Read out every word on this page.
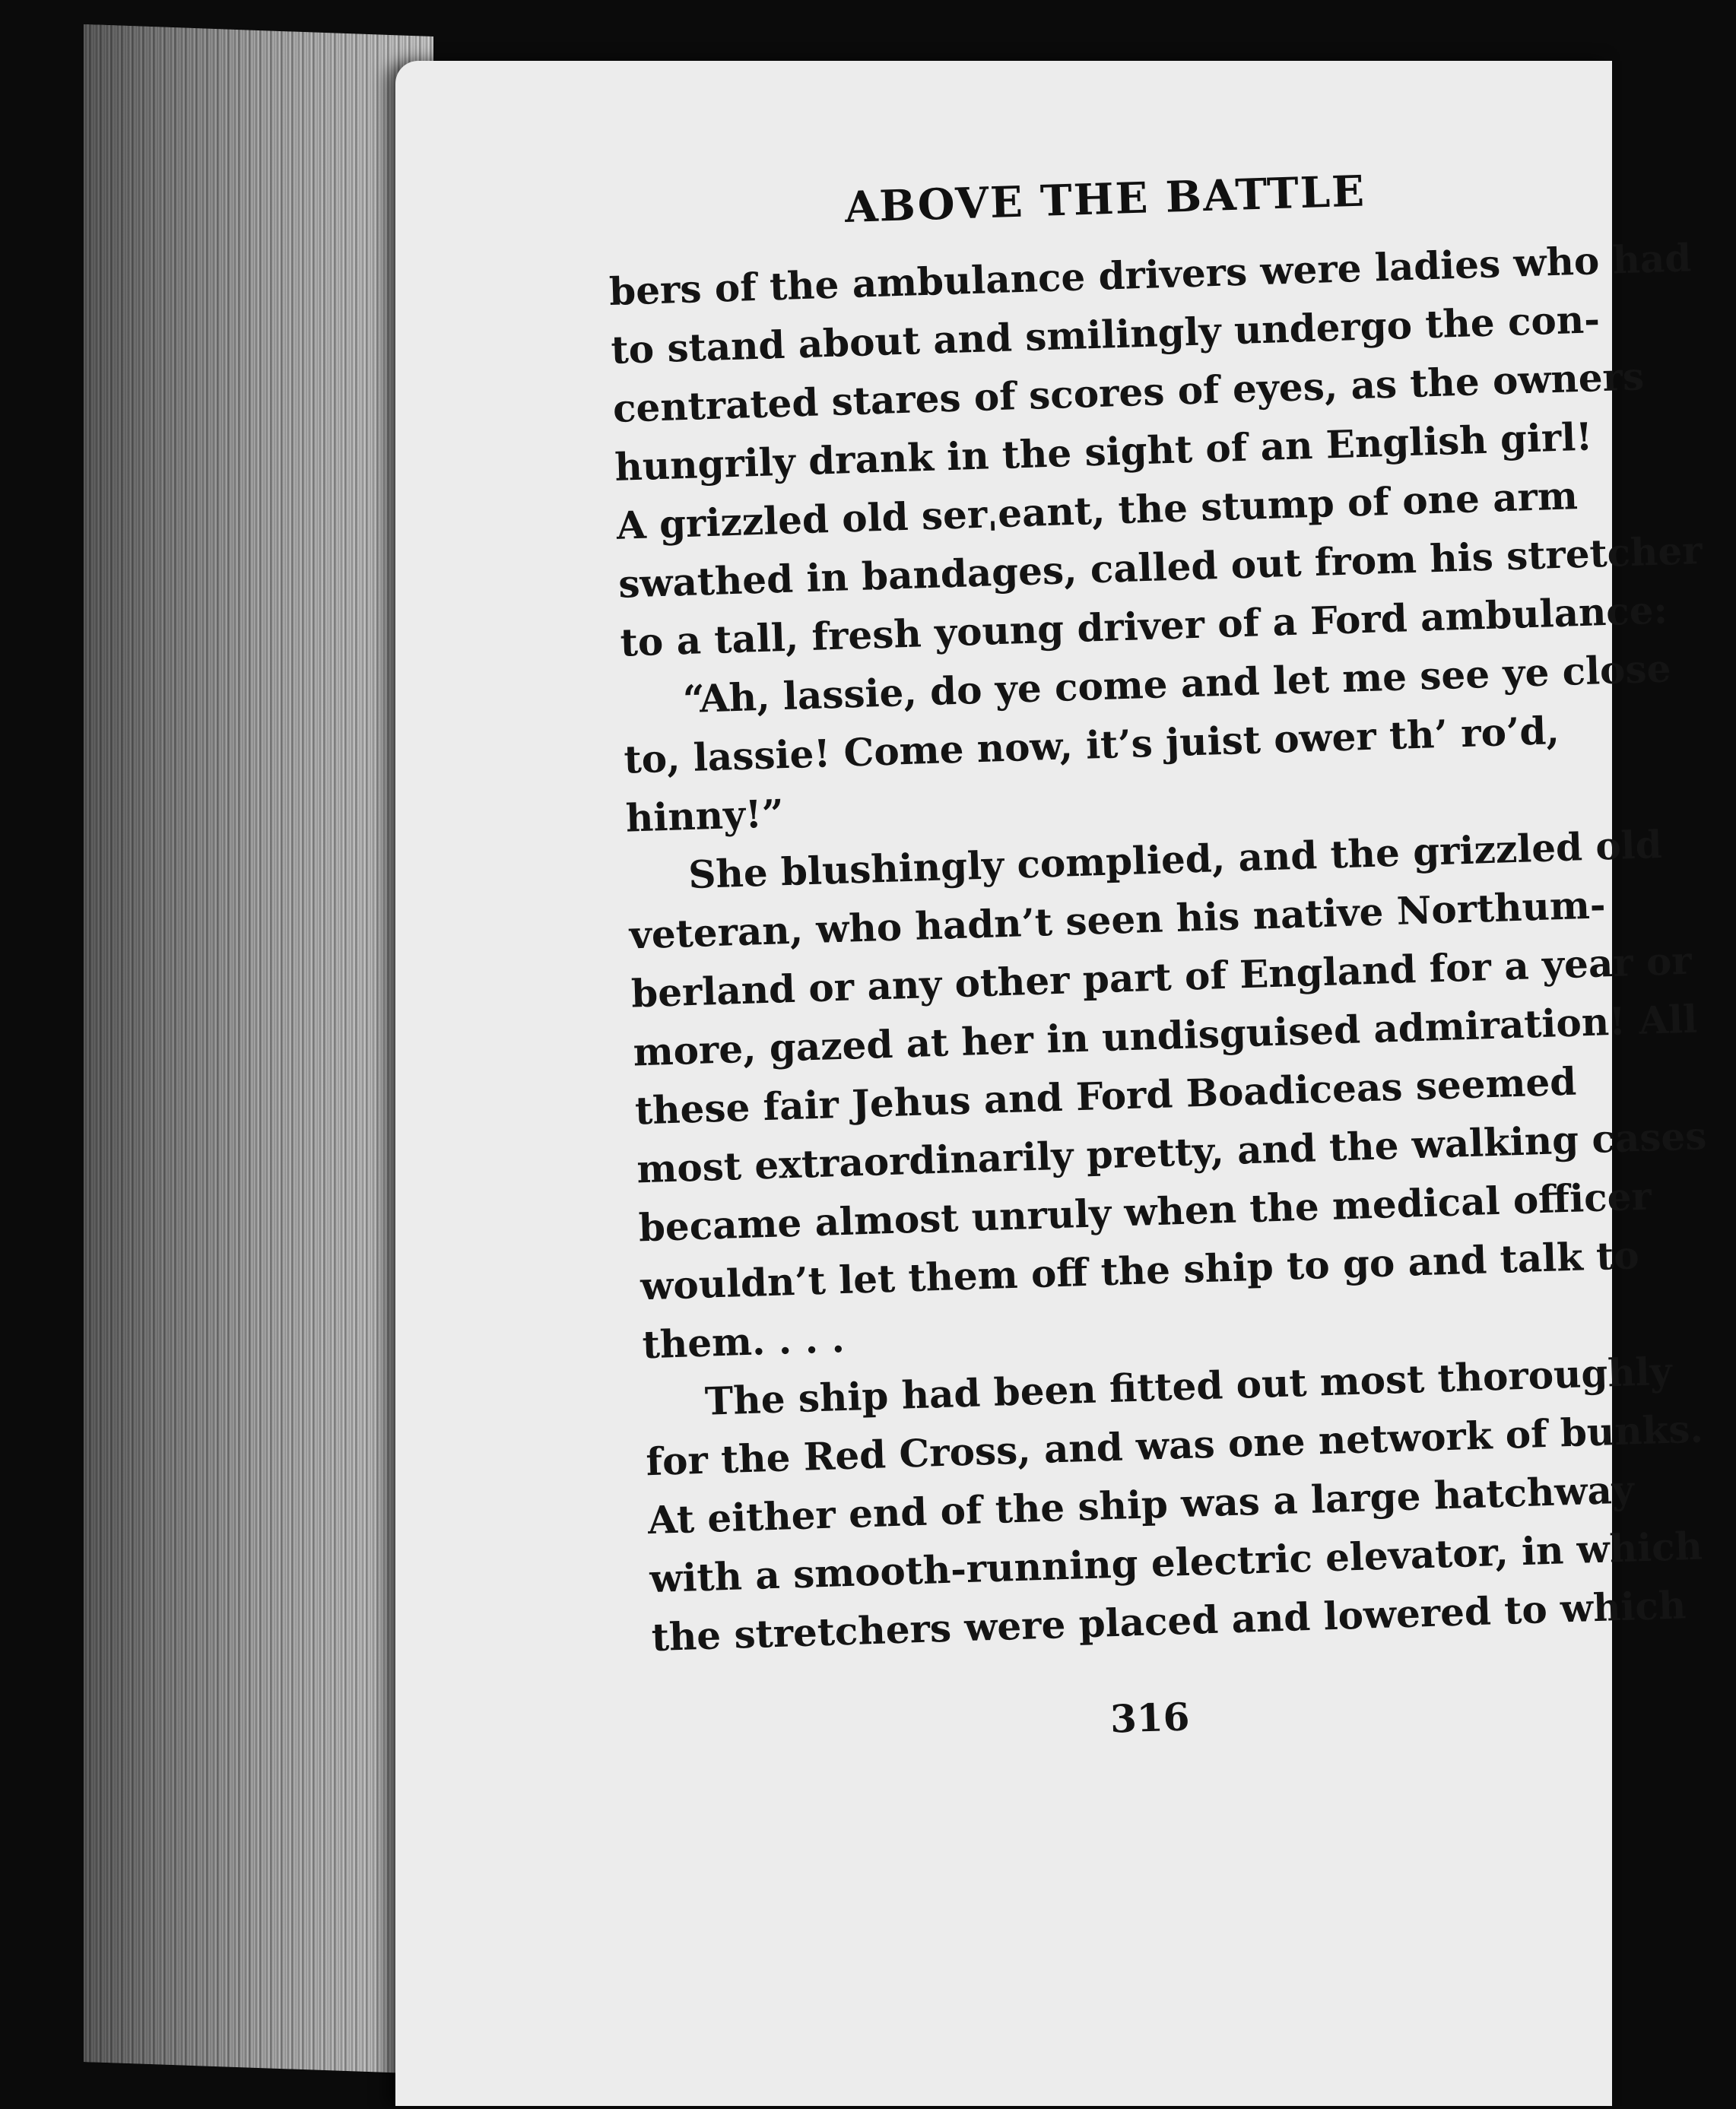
ABOVE THE BATTLE
bers of the ambulance drivers were ladies who had
to stand about and smilingly undergo the con-
centrated stares of scores of eyes, as the owners
hungrily drank in the sight of an English girl!
A grizzled old serˌeant, the stump of one arm
swathed in bandages, called out from his stretcher
to a tall, fresh young driver of a Ford ambulance:
“Ah, lassie, do ye come and let me see ye close
to, lassie! Come now, it’s juist ower th’ ro’d,
hinny!”
She blushingly complied, and the grizzled old
veteran, who hadn’t seen his native Northum-
berland or any other part of England for a year or
more, gazed at her in undisguised admiration! All
these fair Jehus and Ford Boadiceas seemed
most extraordinarily pretty, and the walking cases
became almost unruly when the medical officer
wouldn’t let them off the ship to go and talk to
them. . . .
The ship had been fitted out most thoroughly
for the Red Cross, and was one network of bunks.
At either end of the ship was a large hatchway
with a smooth-running electric elevator, in which
the stretchers were placed and lowered to which
316
